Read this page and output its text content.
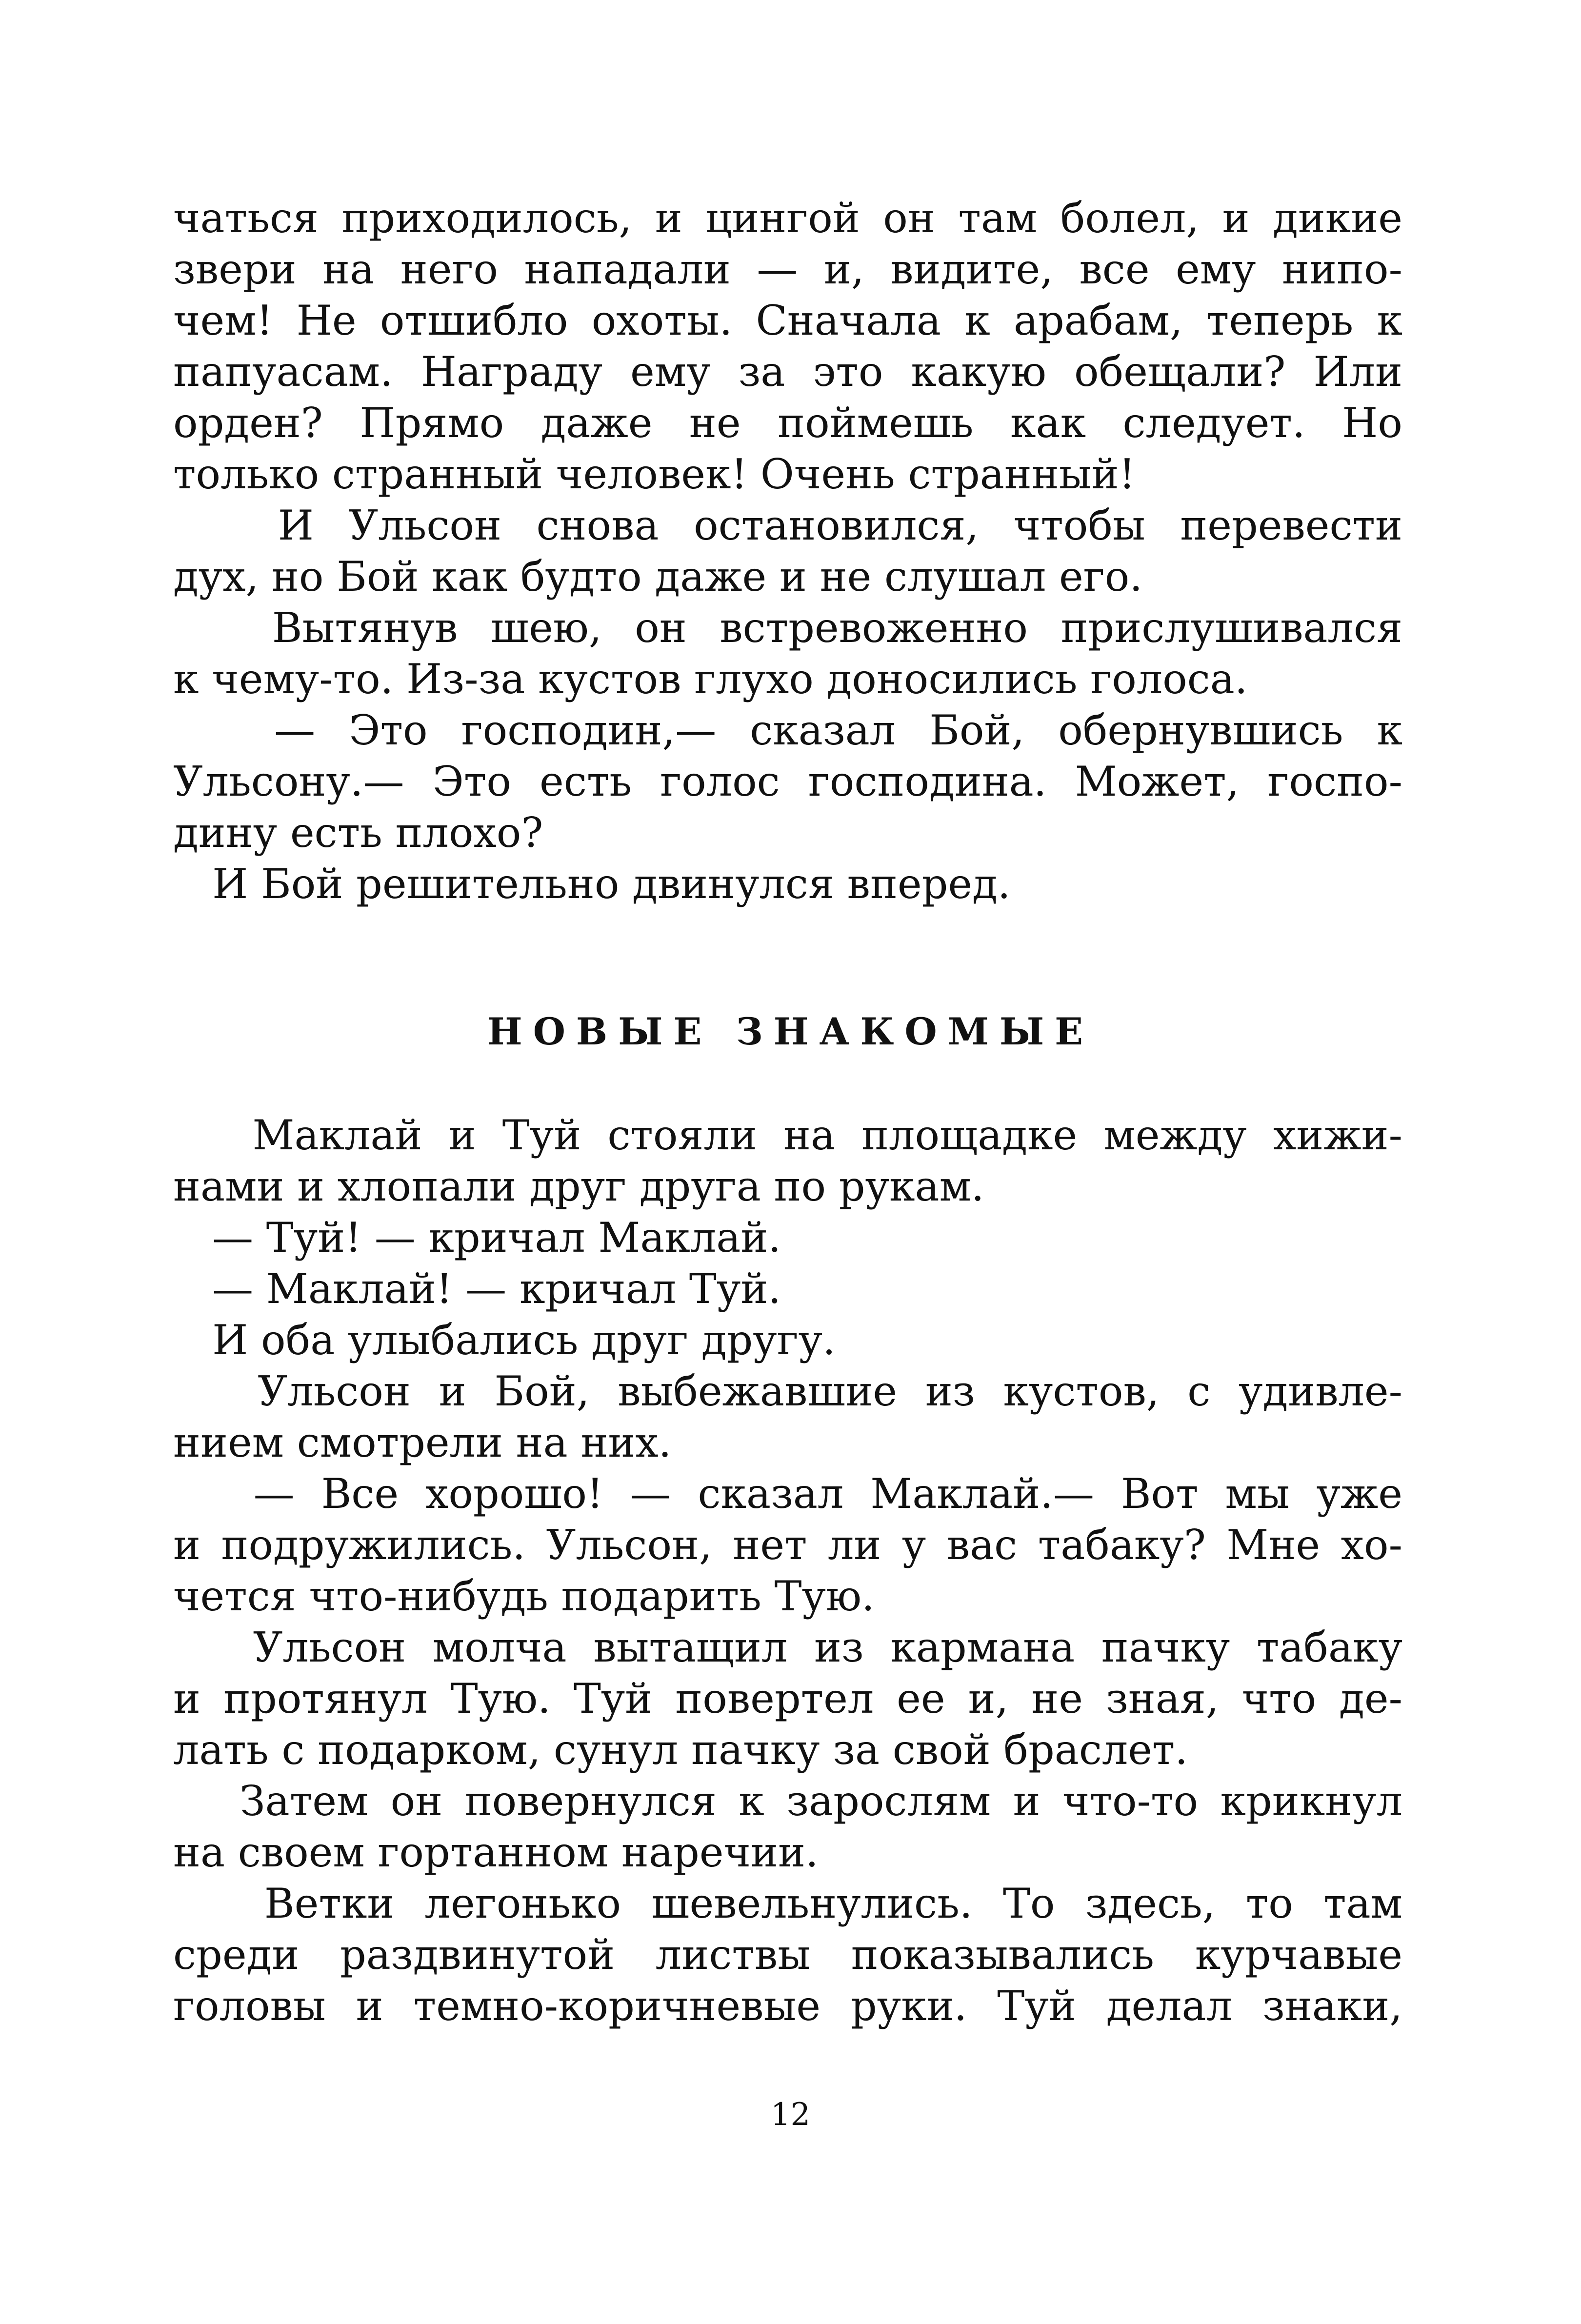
чаться приходилось, и цингой он там болел, и дикие
звери на него нападали — и, видите, все ему нипо-
чем! Не отшибло охоты. Сначала к арабам, теперь к
папуасам. Награду ему за это какую обещали? Или
орден? Прямо даже не поймешь как следует. Но
только странный человек! Очень странный!
И Ульсон снова остановился, чтобы перевести
дух, но Бой как будто даже и не слушал его.
Вытянув шею, он встревоженно прислушивался
к чему-то. Из-за кустов глухо доносились голоса.
— Это господин,— сказал Бой, обернувшись к
Ульсону.— Это есть голос господина. Может, госпо-
дину есть плохо?
И Бой решительно двинулся вперед.
НОВЫЕ ЗНАКОМЫЕ
Маклай и Туй стояли на площадке между хижи-
нами и хлопали друг друга по рукам.
— Туй! — кричал Маклай.
— Маклай! — кричал Туй.
И оба улыбались друг другу.
Ульсон и Бой, выбежавшие из кустов, с удивле-
нием смотрели на них.
— Все хорошо! — сказал Маклай.— Вот мы уже
и подружились. Ульсон, нет ли у вас табаку? Мне хо-
чется что-нибудь подарить Тую.
Ульсон молча вытащил из кармана пачку табаку
и протянул Тую. Туй повертел ее и, не зная, что де-
лать с подарком, сунул пачку за свой браслет.
Затем он повернулся к зарослям и что-то крикнул
на своем гортанном наречии.
Ветки легонько шевельнулись. То здесь, то там
среди раздвинутой листвы показывались курчавые
головы и темно-коричневые руки. Туй делал знаки,
12
